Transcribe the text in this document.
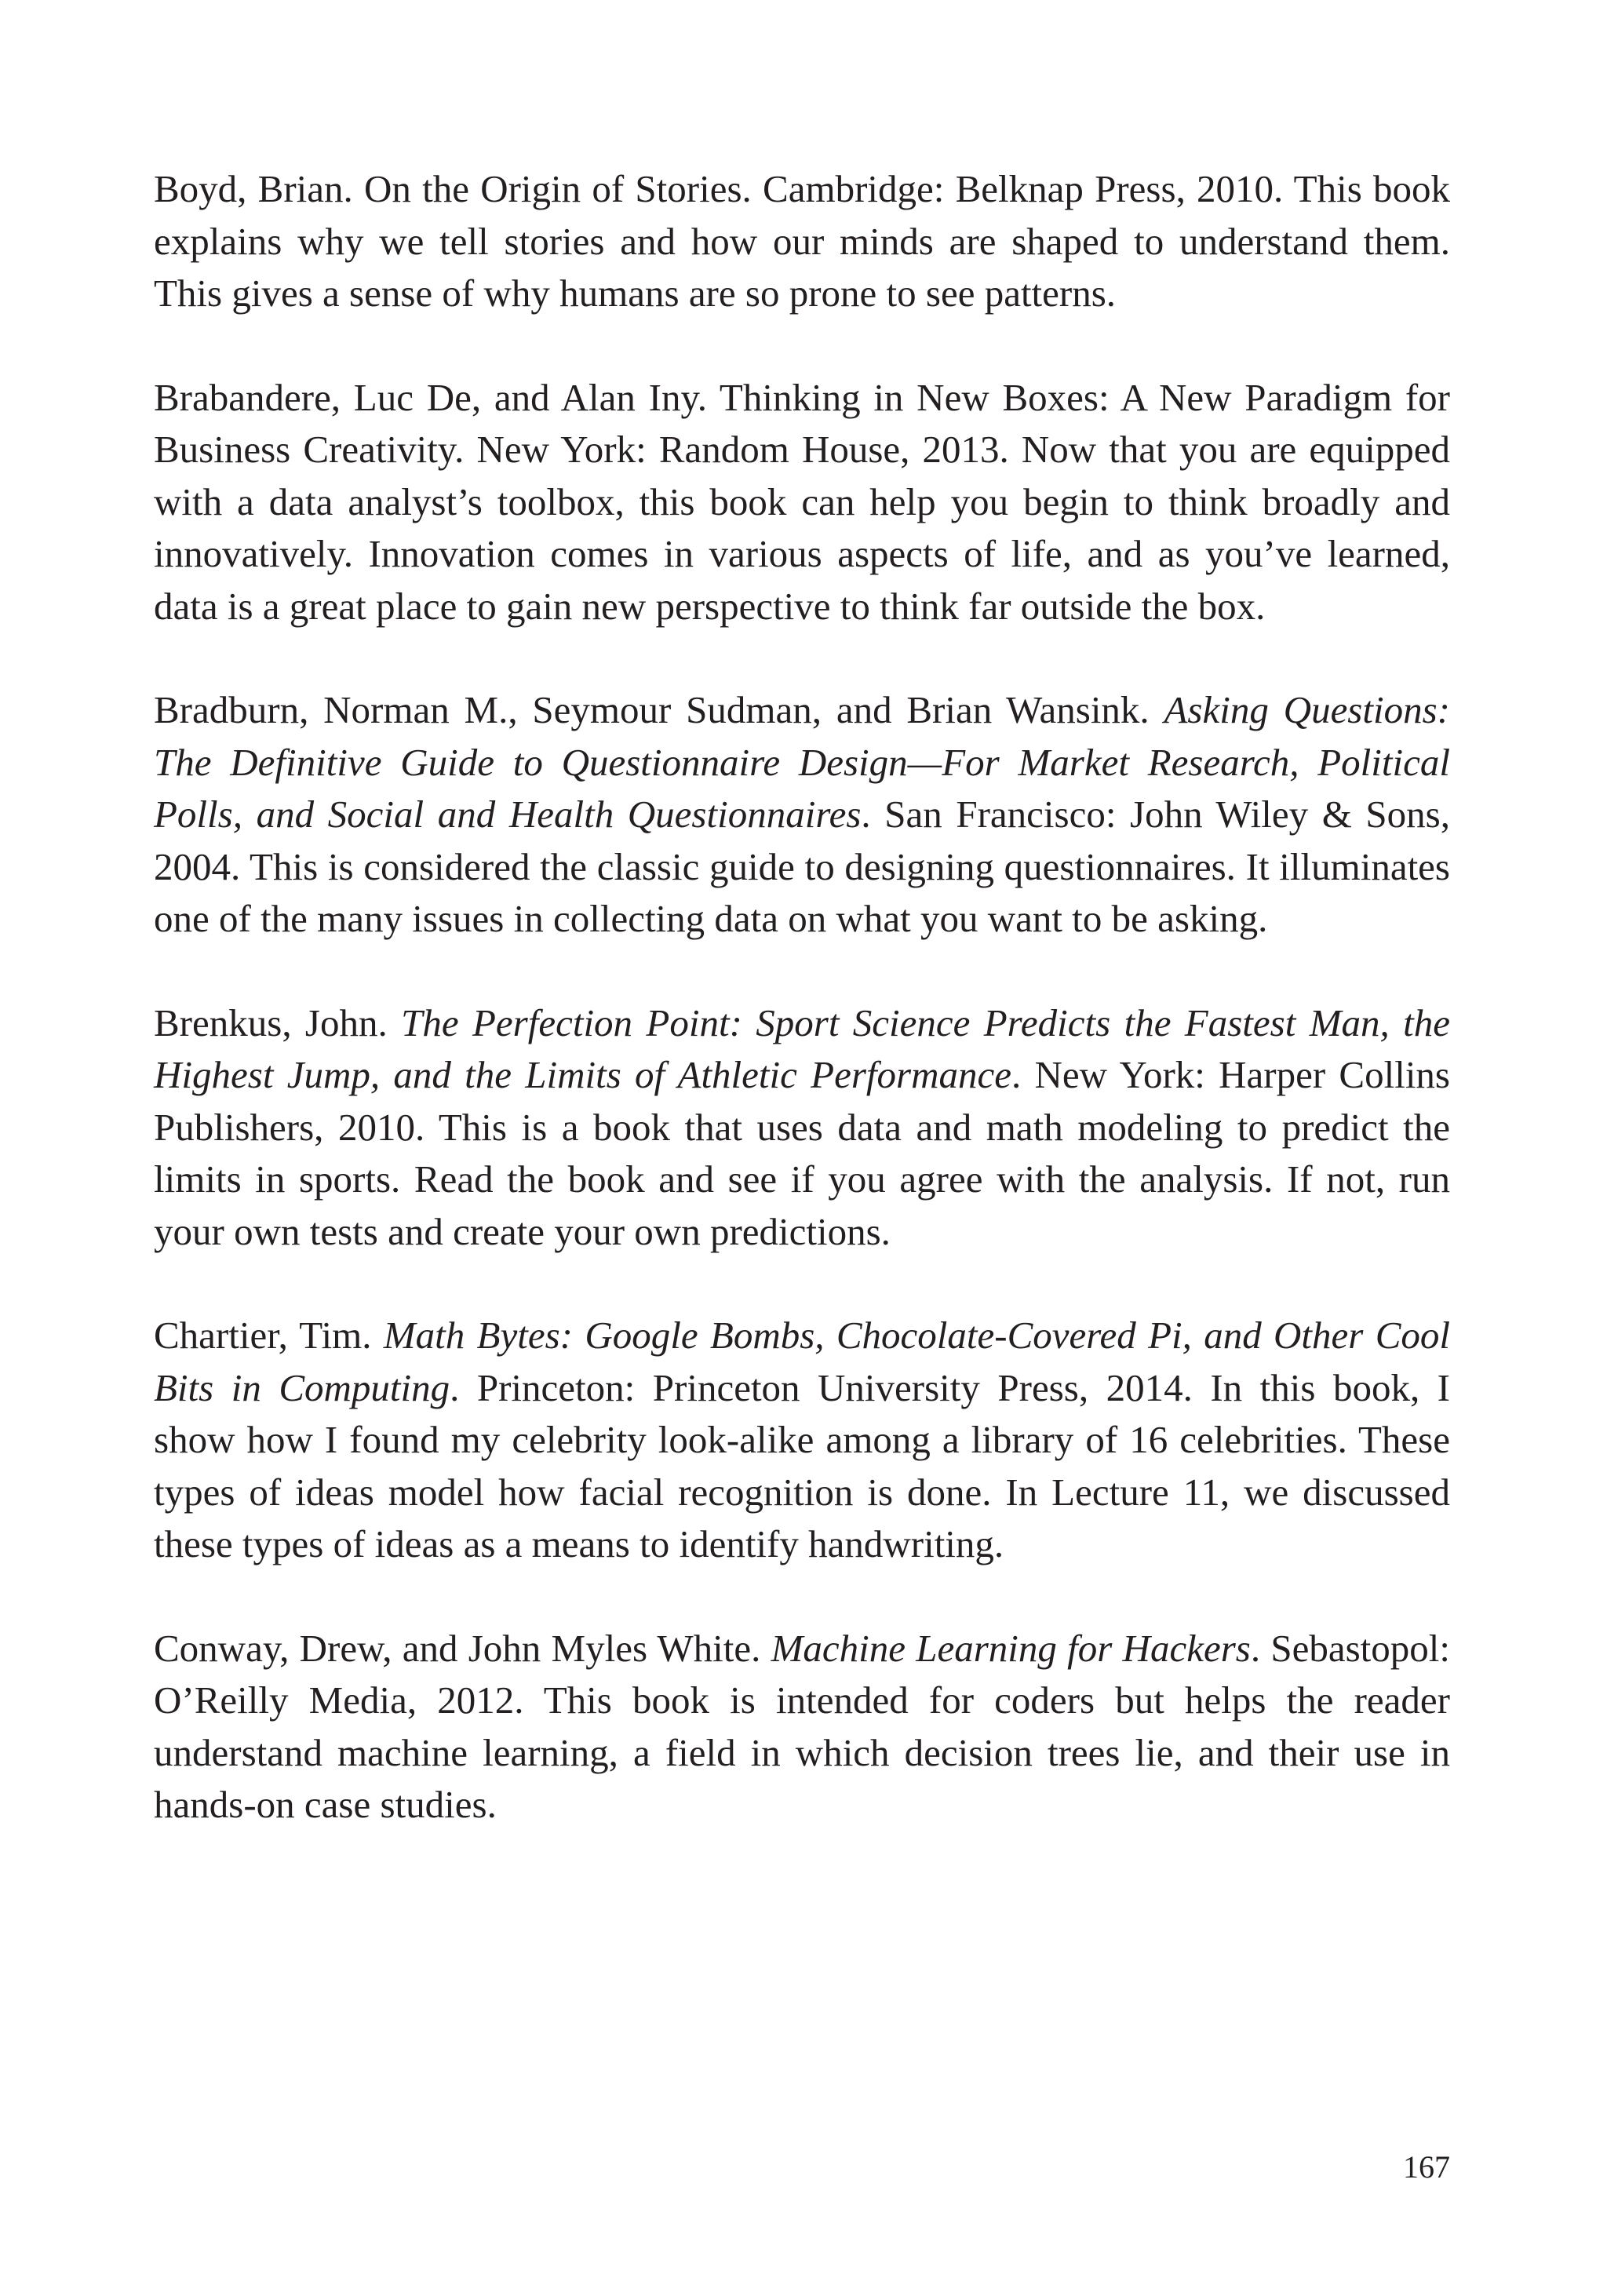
Boyd, Brian. On the Origin of Stories. Cambridge: Belknap Press, 2010. This book explains why we tell stories and how our minds are shaped to understand them. This gives a sense of why humans are so prone to see patterns.

Brabandere, Luc De, and Alan Iny. Thinking in New Boxes: A New Paradigm for Business Creativity. New York: Random House, 2013. Now that you are equipped with a data analyst’s toolbox, this book can help you begin to think broadly and innovatively. Innovation comes in various aspects of life, and as you’ve learned, data is a great place to gain new perspective to think far outside the box.

Bradburn, Norman M., Seymour Sudman, and Brian Wansink. Asking Questions: The Definitive Guide to Questionnaire Design—For Market Research, Political Polls, and Social and Health Questionnaires. San Francisco: John Wiley & Sons, 2004. This is considered the classic guide to designing questionnaires. It illuminates one of the many issues in collecting data on what you want to be asking.

Brenkus, John. The Perfection Point: Sport Science Predicts the Fastest Man, the Highest Jump, and the Limits of Athletic Performance. New York: Harper Collins Publishers, 2010. This is a book that uses data and math modeling to predict the limits in sports. Read the book and see if you agree with the analysis. If not, run your own tests and create your own predictions.

Chartier, Tim. Math Bytes: Google Bombs, Chocolate-Covered Pi, and Other Cool Bits in Computing. Princeton: Princeton University Press, 2014. In this book, I show how I found my celebrity look-alike among a library of 16 celebrities. These types of ideas model how facial recognition is done. In Lecture 11, we discussed these types of ideas as a means to identify handwriting.

Conway, Drew, and John Myles White. Machine Learning for Hackers. Sebastopol: O’Reilly Media, 2012. This book is intended for coders but helps the reader understand machine learning, a field in which decision trees lie, and their use in hands-on case studies.

167
